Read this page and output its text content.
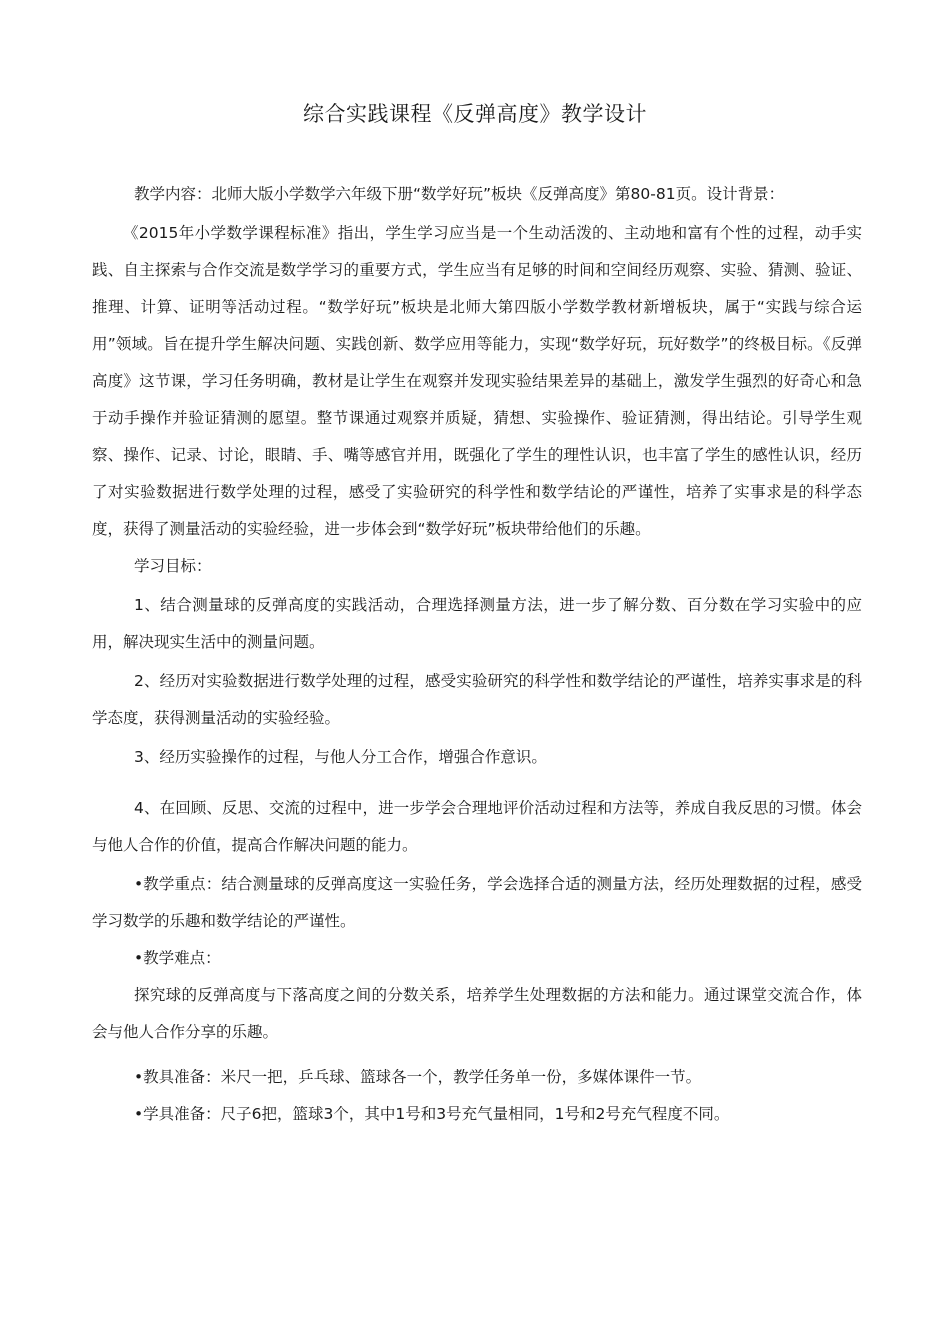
综合实践课程《反弹高度》教学设计

教学内容：北师大版小学数学六年级下册“数学好玩”板块《反弹高度》第80-81页。设计背景：

《2015年小学数学课程标准》指出，学生学习应当是一个生动活泼的、主动地和富有个性的过程，动手实践、自主探索与合作交流是数学学习的重要方式，学生应当有足够的时间和空间经历观察、实验、猜测、验证、推理、计算、证明等活动过程。“数学好玩”板块是北师大第四版小学数学教材新增板块，属于“实践与综合运用”领域。旨在提升学生解决问题、实践创新、数学应用等能力，实现“数学好玩，玩好数学”的终极目标。《反弹高度》这节课，学习任务明确，教材是让学生在观察并发现实验结果差异的基础上，激发学生强烈的好奇心和急于动手操作并验证猜测的愿望。整节课通过观察并质疑，猜想、实验操作、验证猜测，得出结论。引导学生观察、操作、记录、讨论，眼睛、手、嘴等感官并用，既强化了学生的理性认识，也丰富了学生的感性认识，经历了对实验数据进行数学处理的过程，感受了实验研究的科学性和数学结论的严谨性，培养了实事求是的科学态度，获得了测量活动的实验经验，进一步体会到“数学好玩”板块带给他们的乐趣。

学习目标：

1、结合测量球的反弹高度的实践活动，合理选择测量方法，进一步了解分数、百分数在学习实验中的应用，解决现实生活中的测量问题。

2、经历对实验数据进行数学处理的过程，感受实验研究的科学性和数学结论的严谨性，培养实事求是的科学态度，获得测量活动的实验经验。

3、经历实验操作的过程，与他人分工合作，增强合作意识。

4、在回顾、反思、交流的过程中，进一步学会合理地评价活动过程和方法等，养成自我反思的习惯。体会与他人合作的价值，提高合作解决问题的能力。

•教学重点：结合测量球的反弹高度这一实验任务，学会选择合适的测量方法，经历处理数据的过程，感受学习数学的乐趣和数学结论的严谨性。

•教学难点：

探究球的反弹高度与下落高度之间的分数关系，培养学生处理数据的方法和能力。通过课堂交流合作，体会与他人合作分享的乐趣。

•教具准备：米尺一把，乒乓球、篮球各一个，教学任务单一份，多媒体课件一节。

•学具准备：尺子6把，篮球3个，其中1号和3号充气量相同，1号和2号充气程度不同。
